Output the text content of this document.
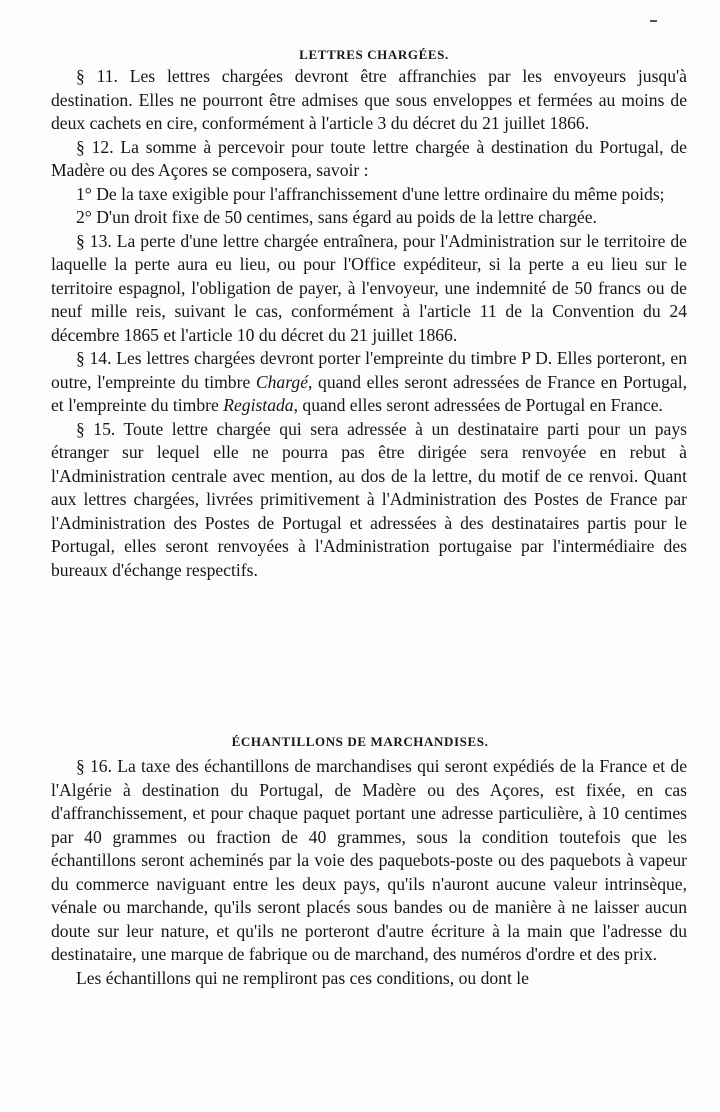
LETTRES CHARGÉES.

§ 11. Les lettres chargées devront être affranchies par les envoyeurs jusqu'à destination. Elles ne pourront être admises que sous enveloppes et fermées au moins de deux cachets en cire, conformément à l'article 3 du décret du 21 juillet 1866.

§ 12. La somme à percevoir pour toute lettre chargée à destination du Portugal, de Madère ou des Açores se composera, savoir :

1° De la taxe exigible pour l'affranchissement d'une lettre ordinaire du même poids;

2° D'un droit fixe de 50 centimes, sans égard au poids de la lettre chargée.

§ 13. La perte d'une lettre chargée entraînera, pour l'Administration sur le territoire de laquelle la perte aura eu lieu, ou pour l'Office expéditeur, si la perte a eu lieu sur le territoire espagnol, l'obligation de payer, à l'envoyeur, une indemnité de 50 francs ou de neuf mille reis, suivant le cas, conformément à l'article 11 de la Convention du 24 décembre 1865 et l'article 10 du décret du 21 juillet 1866.

§ 14. Les lettres chargées devront porter l'empreinte du timbre P D. Elles porteront, en outre, l'empreinte du timbre Chargé, quand elles seront adressées de France en Portugal, et l'empreinte du timbre Registada, quand elles seront adressées de Portugal en France.

§ 15. Toute lettre chargée qui sera adressée à un destinataire parti pour un pays étranger sur lequel elle ne pourra pas être dirigée sera renvoyée en rebut à l'Administration centrale avec mention, au dos de la lettre, du motif de ce renvoi. Quant aux lettres chargées, livrées primitivement à l'Administration des Postes de France par l'Administration des Postes de Portugal et adressées à des destinataires partis pour le Portugal, elles seront renvoyées à l'Administration portugaise par l'intermédiaire des bureaux d'échange respectifs.

ÉCHANTILLONS DE MARCHANDISES.

§ 16. La taxe des échantillons de marchandises qui seront expédiés de la France et de l'Algérie à destination du Portugal, de Madère ou des Açores, est fixée, en cas d'affranchissement, et pour chaque paquet portant une adresse particulière, à 10 centimes par 40 grammes ou fraction de 40 grammes, sous la condition toutefois que les échantillons seront acheminés par la voie des paquebots-poste ou des paquebots à vapeur du commerce naviguant entre les deux pays, qu'ils n'auront aucune valeur intrinsèque, vénale ou marchande, qu'ils seront placés sous bandes ou de manière à ne laisser aucun doute sur leur nature, et qu'ils ne porteront d'autre écriture à la main que l'adresse du destinataire, une marque de fabrique ou de marchand, des numéros d'ordre et des prix.

Les échantillons qui ne rempliront pas ces conditions, ou dont le
